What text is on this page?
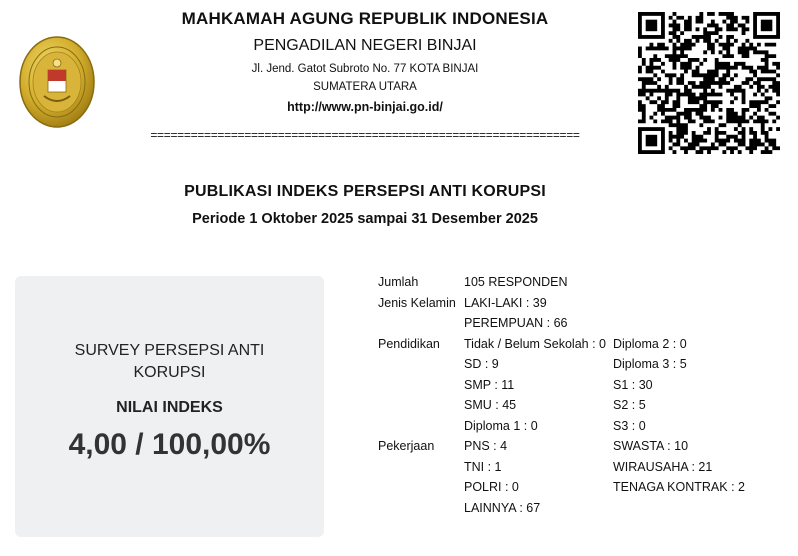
MAHKAMAH AGUNG REPUBLIK INDONESIA
PENGADILAN NEGERI BINJAI
Jl. Jend. Gatot Subroto No. 77 KOTA BINJAI
SUMATERA UTARA
http://www.pn-binjai.go.id/
================================================================
PUBLIKASI INDEKS PERSEPSI ANTI KORUPSI
Periode 1 Oktober 2025 sampai 31 Desember 2025
SURVEY PERSEPSI ANTI KORUPSI
NILAI INDEKS
4,00 / 100,00%
Jumlah	105 RESPONDEN
Jenis Kelamin LAKI-LAKI : 39
PEREMPUAN : 66
Pendidikan Tidak / Belum Sekolah : 0 Diploma 2 : 0
SD : 9	Diploma 3 : 5
SMP : 11	S1 : 30
SMU : 45	S2 : 5
Diploma 1 : 0	S3 : 0
Pekerjaan PNS : 4	SWASTA : 10
TNI : 1	WIRAUSAHA : 21
POLRI : 0	TENAGA KONTRAK : 2
LAINNYA : 67
